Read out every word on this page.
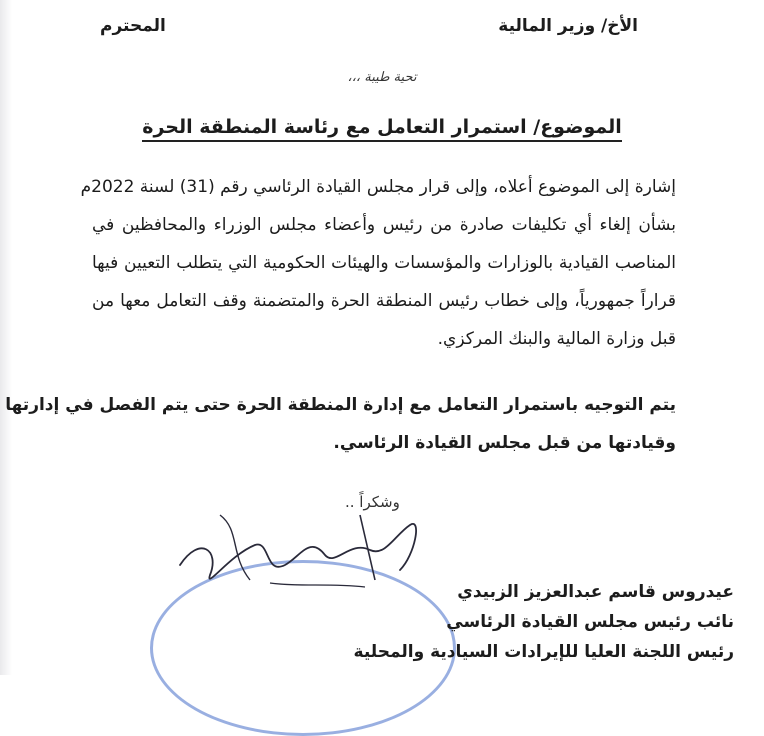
الأخ/ وزير المالية
المحترم
تحية طيبة ،،،
الموضوع/ استمرار التعامل مع رئاسة المنطقة الحرة
إشارة إلى الموضوع أعلاه، وإلى قرار مجلس القيادة الرئاسي رقم (31) لسنة 2022م
بشأن إلغاء أي تكليفات صادرة من رئيس وأعضاء مجلس الوزراء والمحافظين في
المناصب القيادية بالوزارات والمؤسسات والهيئات الحكومية التي يتطلب التعيين فيها
قراراً جمهورياً، وإلى خطاب رئيس المنطقة الحرة والمتضمنة وقف التعامل معها من
قبل وزارة المالية والبنك المركزي.
يتم التوجيه باستمرار التعامل مع إدارة المنطقة الحرة حتى يتم الفصل في إدارتها
وقيادتها من قبل مجلس القيادة الرئاسي.
وشكراً ..
عيدروس قاسم عبدالعزيز الزبيدي
نائب رئيس مجلس القيادة الرئاسي
رئيس اللجنة العليا للإيرادات السيادية والمحلية
